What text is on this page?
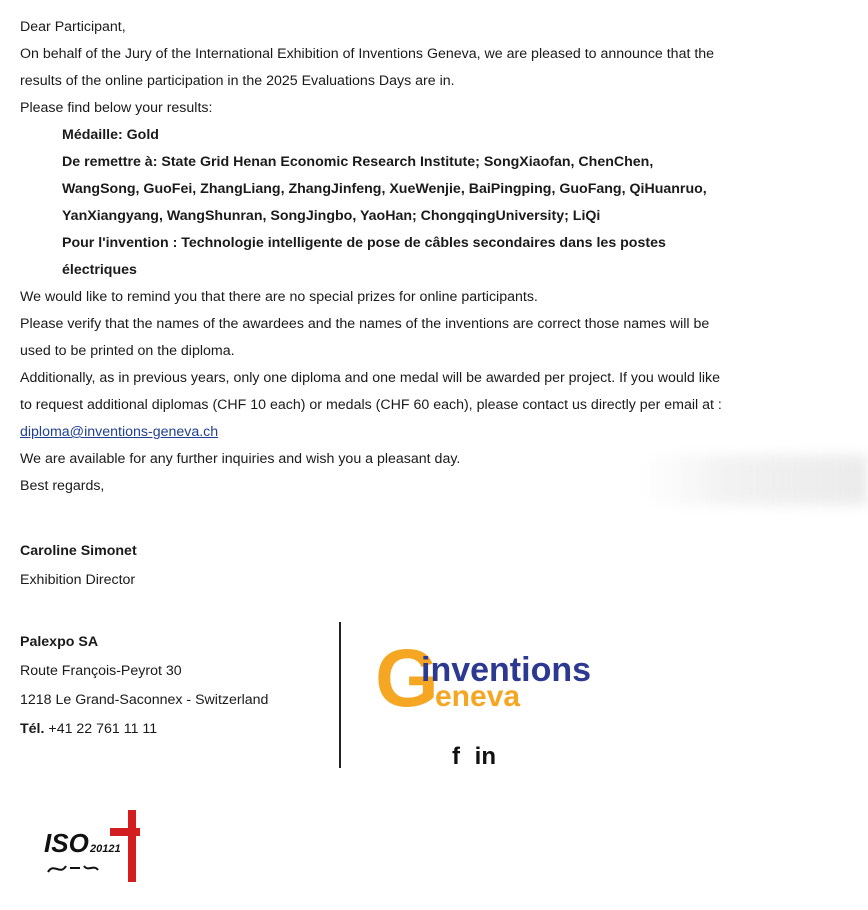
Dear Participant,
On behalf of the Jury of the International Exhibition of Inventions Geneva, we are pleased to announce that the
results of the online participation in the 2025 Evaluations Days are in.
Please find below your results:
Médaille: Gold
De remettre à: State Grid Henan Economic Research Institute; SongXiaofan, ChenChen,
WangSong, GuoFei, ZhangLiang, ZhangJinfeng, XueWenjie, BaiPingping, GuoFang, QiHuanruo,
YanXiangyang, WangShunran, SongJingbo, YaoHan; ChongqingUniversity; LiQi
Pour l'invention : Technologie intelligente de pose de câbles secondaires dans les postes
électriques
We would like to remind you that there are no special prizes for online participants.
Please verify that the names of the awardees and the names of the inventions are correct those names will be
used to be printed on the diploma.
Additionally, as in previous years, only one diploma and one medal will be awarded per project. If you would like
to request additional diplomas (CHF 10 each) or medals (CHF 60 each), please contact us directly per email at :
diploma@inventions-geneva.ch
We are available for any further inquiries and wish you a pleasant day.
Best regards,
Caroline Simonet
Exhibition Director
Palexpo SA
Route François-Peyrot 30
1218 Le Grand-Saconnex - Switzerland
Tél. +41 22 761 11 11
G
inventions
eneva
f in
ISO 20121
